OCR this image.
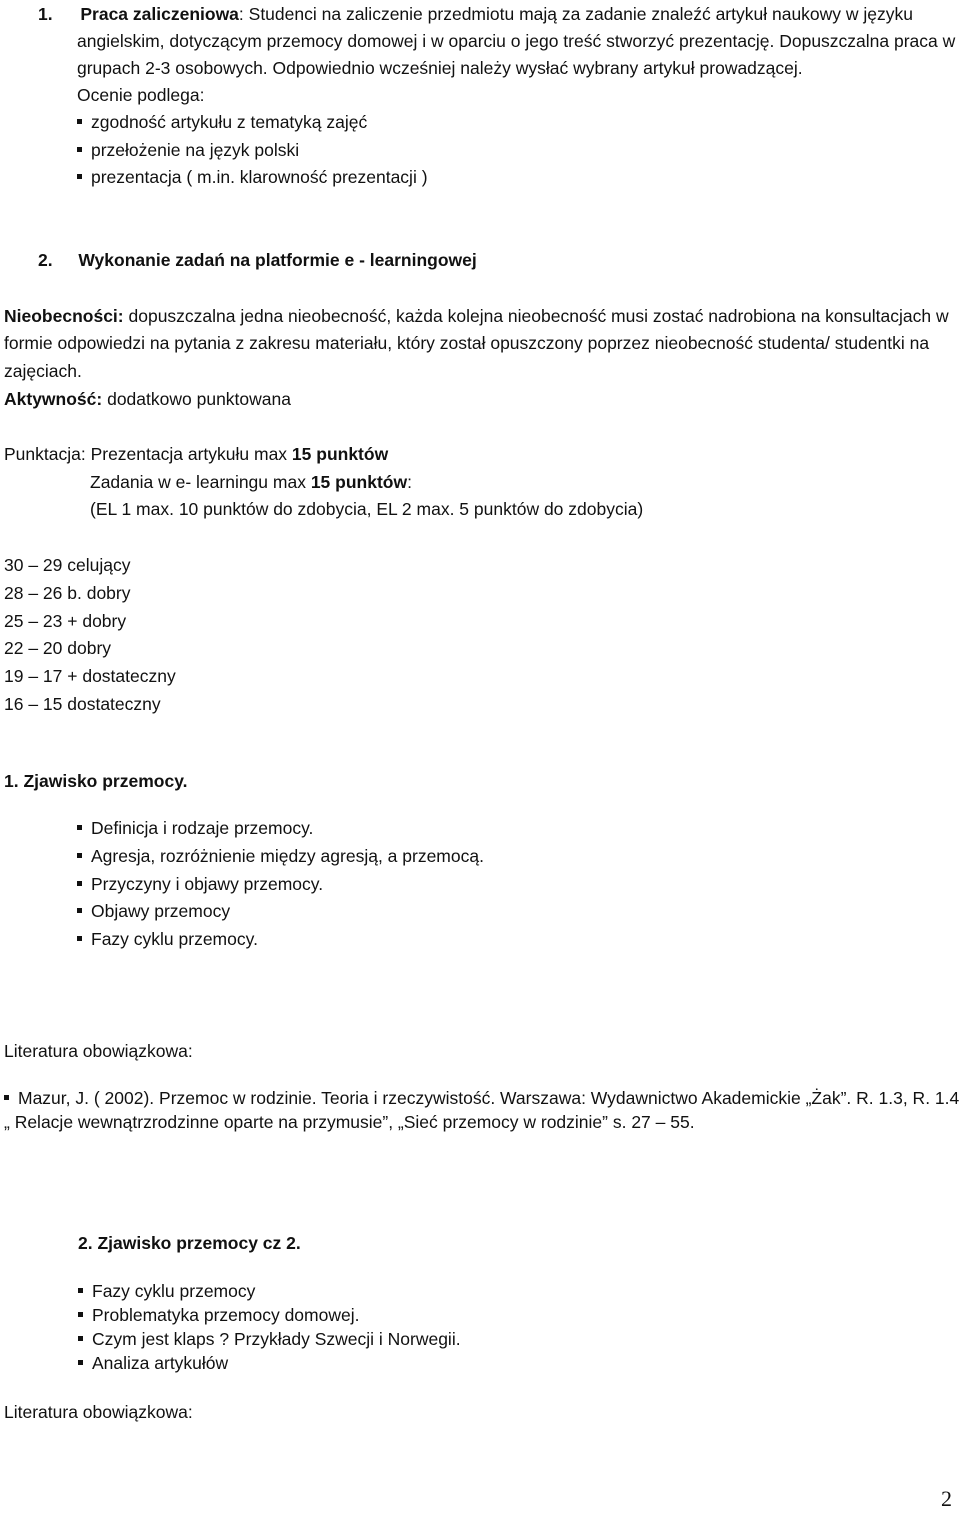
1. Praca zaliczeniowa: Studenci na zaliczenie przedmiotu mają za zadanie znaleźć artykuł naukowy w języku
angielskim, dotyczącym przemocy domowej i w oparciu o jego treść stworzyć prezentację. Dopuszczalna praca w
grupach 2-3 osobowych. Odpowiednio wcześniej należy wysłać wybrany artykuł prowadzącej.
Ocenie podlega:
zgodność artykułu z tematyką zajęć
przełożenie na język polski
prezentacja ( m.in. klarowność prezentacji )
2. Wykonanie zadań na platformie e - learningowej
Nieobecności: dopuszczalna jedna nieobecność, każda kolejna nieobecność musi zostać nadrobiona na konsultacjach w
formie odpowiedzi na pytania z zakresu materiału, który został opuszczony poprzez nieobecność studenta/ studentki na
zajęciach.
Aktywność: dodatkowo punktowana
Punktacja: Prezentacja artykułu max 15 punktów
Zadania w e- learningu max 15 punktów:
(EL 1 max. 10 punktów do zdobycia, EL 2 max. 5 punktów do zdobycia)
30 – 29 celujący
28 – 26 b. dobry
25 – 23 + dobry
22 – 20 dobry
19 – 17 + dostateczny
16 – 15 dostateczny
1. Zjawisko przemocy.
Definicja i rodzaje przemocy.
Agresja, rozróżnienie między agresją, a przemocą.
Przyczyny i objawy przemocy.
Objawy przemocy
Fazy cyklu przemocy.
Literatura obowiązkowa:
Mazur, J. ( 2002). Przemoc w rodzinie. Teoria i rzeczywistość. Warszawa: Wydawnictwo Akademickie „Żak”. R. 1.3, R. 1.4
„ Relacje wewnątrzrodzinne oparte na przymusie”, „Sieć przemocy w rodzinie” s. 27 – 55.
2. Zjawisko przemocy cz 2.
Fazy cyklu przemocy
Problematyka przemocy domowej.
Czym jest klaps ? Przykłady Szwecji i Norwegii.
Analiza artykułów
Literatura obowiązkowa:
2
